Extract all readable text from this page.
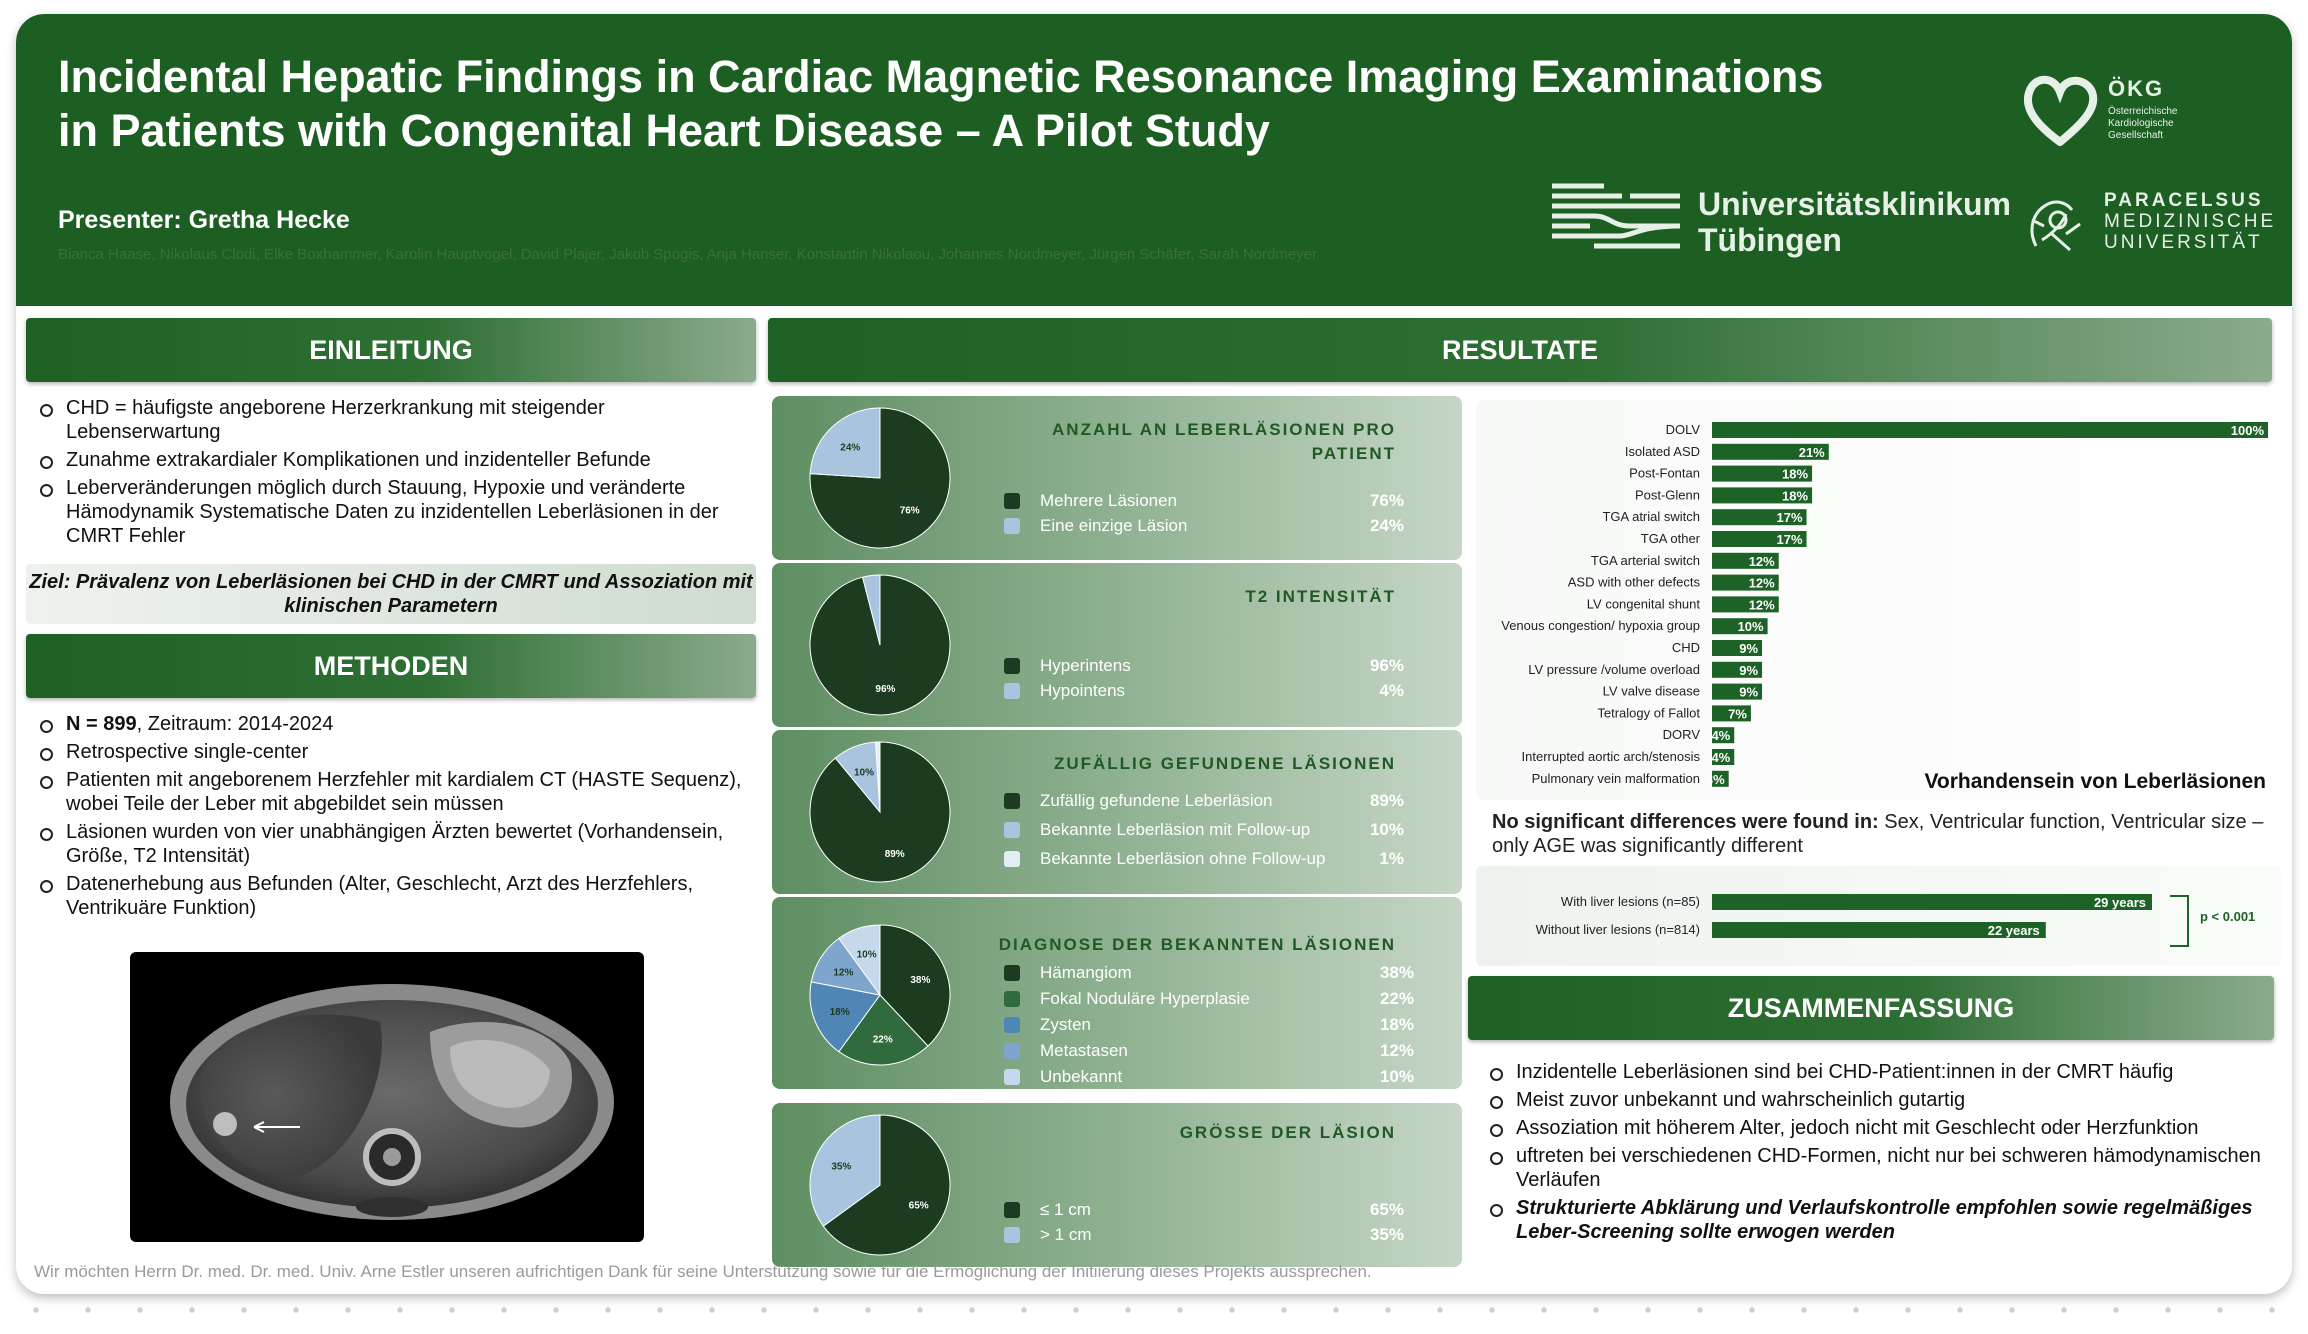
Incidental Hepatic Findings in Cardiac Magnetic Resonance Imaging Examinations
in Patients with Congenital Heart Disease – A Pilot Study
Presenter: Gretha Hecke
Bianca Haase, Nikolaus Clodi, Elke Boxhammer, Karolin Hauptvogel, David Plajer, Jakob Spogis, Anja Hanser, Konstantin Nikolaou, Johannes Nordmeyer, Jürgen Schäfer, Sarah Nordmeyer
ÖKG
Österreichische
Kardiologische
Gesellschaft
Universitätsklinikum
Tübingen
PARACELSUS
MEDIZINISCHE
UNIVERSITÄT
EINLEITUNG
CHD = häufigste angeborene Herzerkrankung mit steigender Lebenserwartung
Zunahme extrakardialer Komplikationen und inzidenteller Befunde
Leberveränderungen möglich durch Stauung, Hypoxie und veränderte Hämodynamik Systematische Daten zu inzidentellen Leberläsionen in der CMRT Fehler
Ziel: Prävalenz von Leberläsionen bei CHD in der CMRT und Assoziation mit klinischen Parametern
METHODEN
N = 899, Zeitraum: 2014-2024
Retrospective single-center
Patienten mit angeborenem Herzfehler mit kardialem CT (HASTE Sequenz), wobei Teile der Leber mit abgebildet sein müssen
Läsionen wurden von vier unabhängigen Ärzten bewertet (Vorhandensein, Größe, T2 Intensität)
Datenerhebung aus Befunden (Alter, Geschlecht, Arzt des Herzfehlers, Ventrikuäre Funktion)
RESULTATE
76%
24%
ANZAHL AN LEBERLÄSIONEN PRO PATIENT
Mehrere Läsionen	76%
Eine einzige Läsion	24%
96%
T2 INTENSITÄT
Hyperintens	96%
Hypointens	4%
89%
10%
ZUFÄLLIG GEFUNDENE LÄSIONEN
Zufällig gefundene Leberläsion	89%
Bekannte Leberläsion mit Follow-up	10%
Bekannte Leberläsion ohne Follow-up	1%
38%
22%
18%
12%
10%
DIAGNOSE DER BEKANNTEN LÄSIONEN
Hämangiom	38%
Fokal Noduläre Hyperplasie	22%
Zysten	18%
Metastasen	12%
Unbekannt	10%
65%
35%
GRÖSSE DER LÄSION
≤ 1 cm	65%
> 1 cm	35%
DOLV	100%
Isolated ASD	21%
Post-Fontan	18%
Post-Glenn	18%
TGA atrial switch	17%
TGA other	17%
TGA arterial switch	12%
ASD with other defects	12%
LV congenital shunt	12%
Venous congestion/ hypoxia group	10%
CHD	9%
LV pressure /volume overload	9%
LV valve disease	9%
Tetralogy of Fallot 7%
DORV 4%
Interrupted aortic arch/stenosis 4%
Pulmonary vein malformation 3%	Vorhandensein von Leberläsionen
No significant differences were found in: Sex, Ventricular function, Ventricular size – only AGE was significantly different
With liver lesions (n=85)	29 years
Without liver lesions (n=814)	22 years
p < 0.001
ZUSAMMENFASSUNG
Inzidentelle Leberläsionen sind bei CHD-Patient:innen in der CMRT häufig
Meist zuvor unbekannt und wahrscheinlich gutartig
Assoziation mit höherem Alter, jedoch nicht mit Geschlecht oder Herzfunktion
uftreten bei verschiedenen CHD-Formen, nicht nur bei schweren hämodynamischen Verläufen
Strukturierte Abklärung und Verlaufskontrolle empfohlen sowie regelmäßiges Leber-Screening sollte erwogen werden
Wir möchten Herrn Dr. med. Dr. med. Univ. Arne Estler unseren aufrichtigen Dank für seine Unterstützung sowie für die Ermöglichung der Initiierung dieses Projekts aussprechen.
